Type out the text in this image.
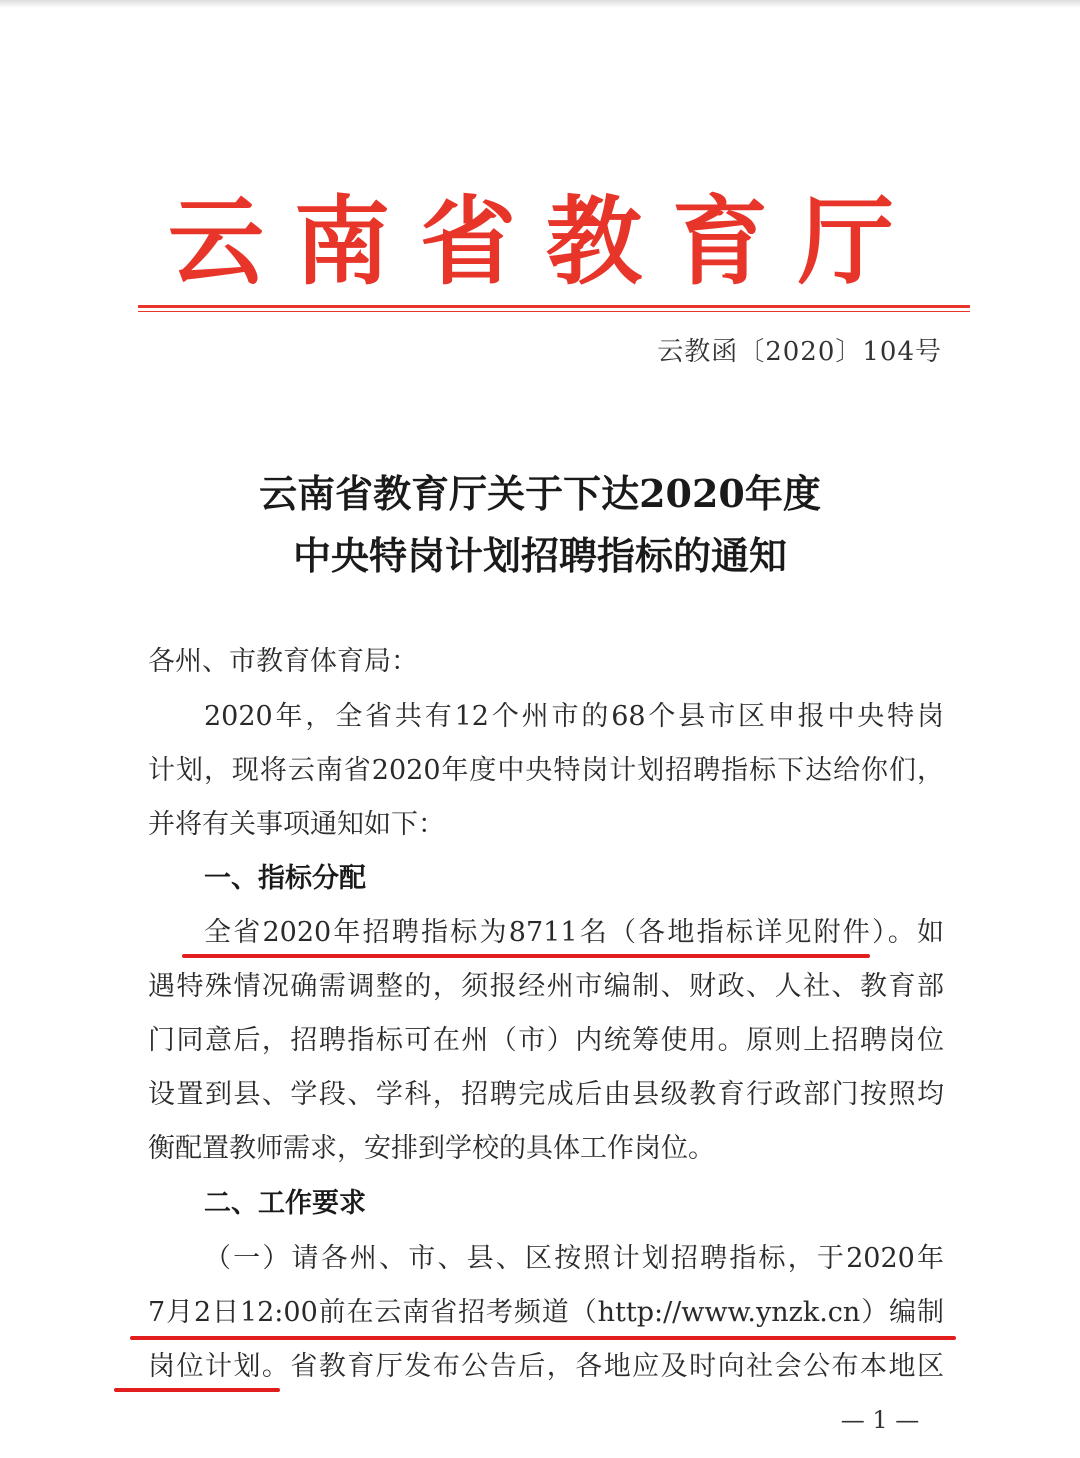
云南省教育厅
云教函〔2020〕104号
云南省教育厅关于下达2020年度
中央特岗计划招聘指标的通知
各州、市教育体育局：
2020年，全省共有12个州市的68个县市区申报中央特岗
计划，现将云南省2020年度中央特岗计划招聘指标下达给你们，
并将有关事项通知如下：
一、指标分配
全省2020年招聘指标为8711名（各地指标详见附件）。如
遇特殊情况确需调整的，须报经州市编制、财政、人社、教育部
门同意后，招聘指标可在州（市）内统筹使用。原则上招聘岗位
设置到县、学段、学科，招聘完成后由县级教育行政部门按照均
衡配置教师需求，安排到学校的具体工作岗位。
二、工作要求
（一）请各州、市、县、区按照计划招聘指标，于2020年
7月2日12:00前在云南省招考频道（http://www.ynzk.cn）编制
岗位计划。省教育厅发布公告后，各地应及时向社会公布本地区
— 1 —
